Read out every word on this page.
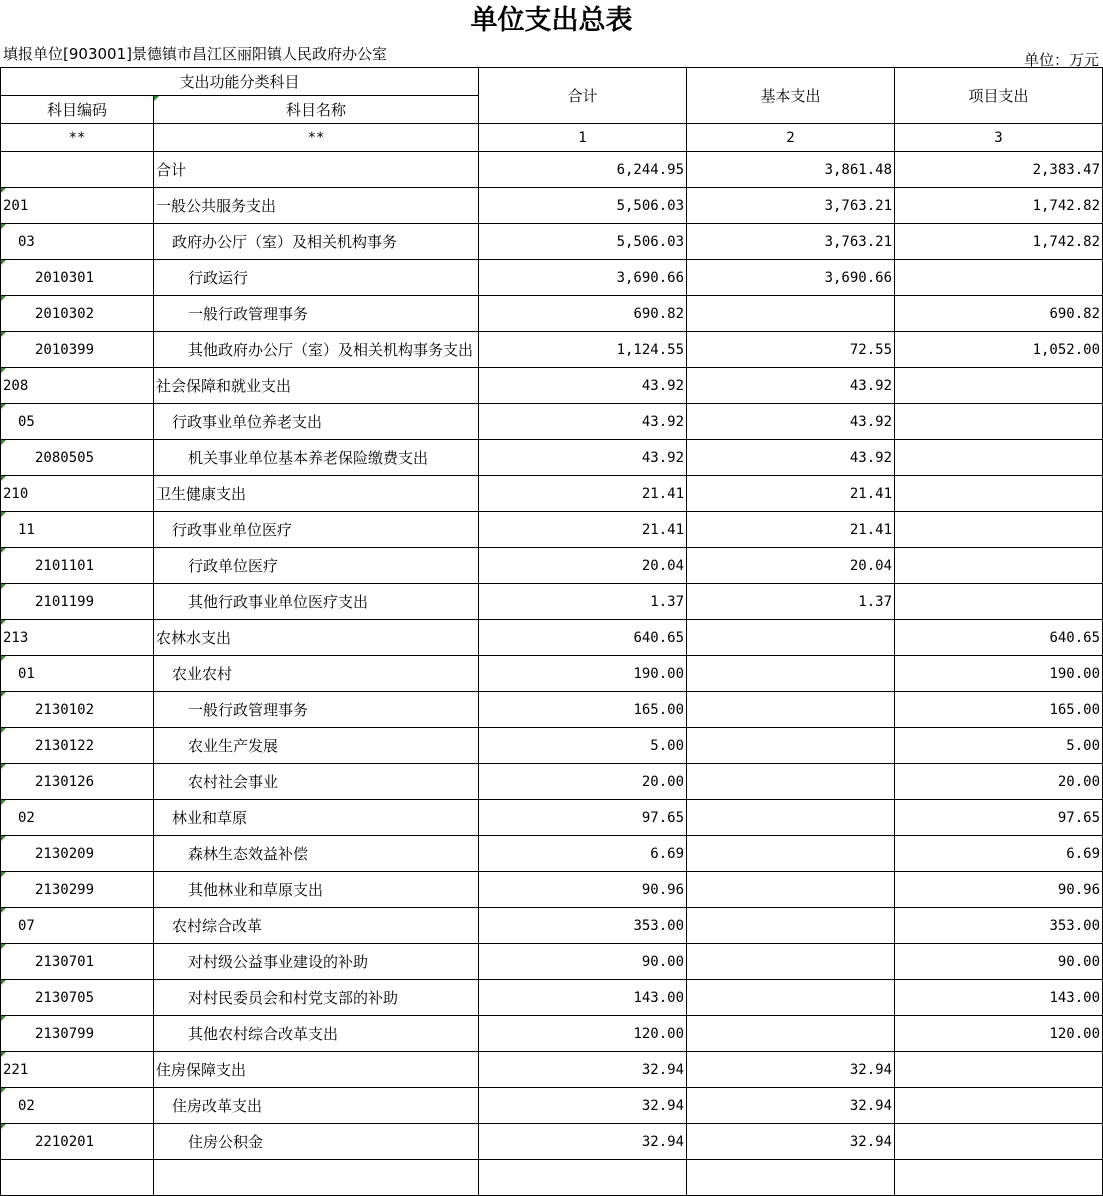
单位支出总表
填报单位[903001]景德镇市昌江区丽阳镇人民政府办公室	单位：万元
支出功能分类科目		合计	基本支出	项目支出
科目编码	科目名称			
**	**	1	2	3
	合计	6,244.95	3,861.48	2,383.47
201	一般公共服务支出	5,506.03	3,763.21	1,742.82
03	政府办公厅（室）及相关机构事务	5,506.03	3,763.21	1,742.82
2010301	行政运行	3,690.66	3,690.66	
2010302	一般行政管理事务	690.82		690.82
2010399	其他政府办公厅（室）及相关机构事务支出	1,124.55	72.55	1,052.00
208	社会保障和就业支出	43.92	43.92	
05	行政事业单位养老支出	43.92	43.92	
2080505	机关事业单位基本养老保险缴费支出	43.92	43.92	
210	卫生健康支出	21.41	21.41	
11	行政事业单位医疗	21.41	21.41	
2101101	行政单位医疗	20.04	20.04	
2101199	其他行政事业单位医疗支出	1.37	1.37	
213	农林水支出	640.65		640.65
01	农业农村	190.00		190.00
2130102	一般行政管理事务	165.00		165.00
2130122	农业生产发展	5.00		5.00
2130126	农村社会事业	20.00		20.00
02	林业和草原	97.65		97.65
2130209	森林生态效益补偿	6.69		6.69
2130299	其他林业和草原支出	90.96		90.96
07	农村综合改革	353.00		353.00
2130701	对村级公益事业建设的补助	90.00		90.00
2130705	对村民委员会和村党支部的补助	143.00		143.00
2130799	其他农村综合改革支出	120.00		120.00
221	住房保障支出	32.94	32.94	
02	住房改革支出	32.94	32.94	
2210201	住房公积金	32.94	32.94	
